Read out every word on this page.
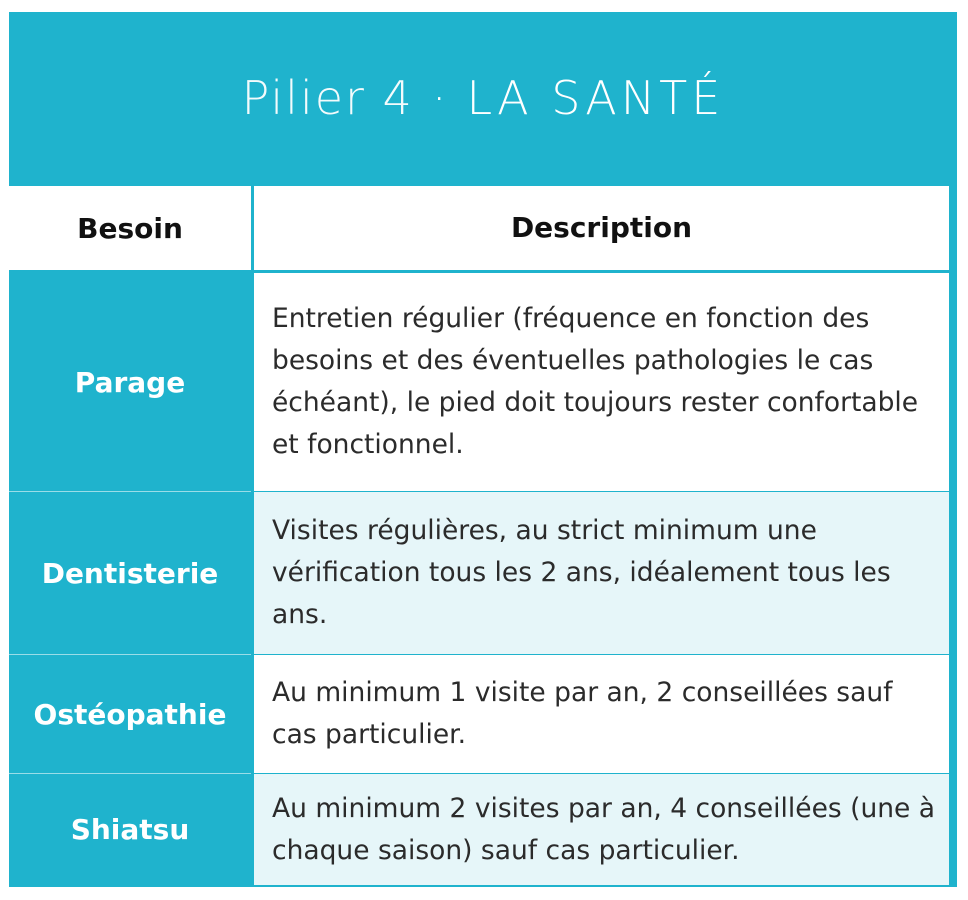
Pilier 4 · LA SANTÉ
Besoin	Description
Parage
Entretien régulier (fréquence en fonction des besoins et des éventuelles pathologies le cas échéant), le pied doit toujours rester confortable et fonctionnel.
Dentisterie
Visites régulières, au strict minimum une vérification tous les 2 ans, idéalement tous les ans.
Ostéopathie
Au minimum 1 visite par an, 2 conseillées sauf cas particulier.
Shiatsu
Au minimum 2 visites par an, 4 conseillées (une à chaque saison) sauf cas particulier.
